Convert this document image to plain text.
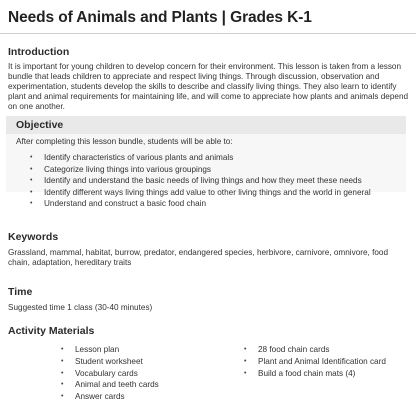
Needs of Animals and Plants | Grades K-1
Introduction
It is important for young children to develop concern for their environment. This lesson is taken from a lesson bundle that leads children to appreciate and respect living things. Through discussion, observation and experimentation, students develop the skills to describe and classify living things. They also learn to identify plant and animal requirements for maintaining life, and will come to appreciate how plants and animals depend on one another.
Objective
After completing this lesson bundle, students will be able to:
• Identify characteristics of various plants and animals
• Categorize living things into various groupings
• Identify and understand the basic needs of living things and how they meet these needs
• Identify different ways living things add value to other living things and the world in general
• Understand and construct a basic food chain
Keywords
Grassland, mammal, habitat, burrow, predator, endangered species, herbivore, carnivore, omnivore, food chain, adaptation, hereditary traits
Time
Suggested time 1 class (30-40 minutes)
Activity Materials
• Lesson plan
• Student worksheet
• Vocabulary cards
• Animal and teeth cards
• Answer cards
• 28 food chain cards
• Plant and Animal Identification card
• Build a food chain mats (4)
